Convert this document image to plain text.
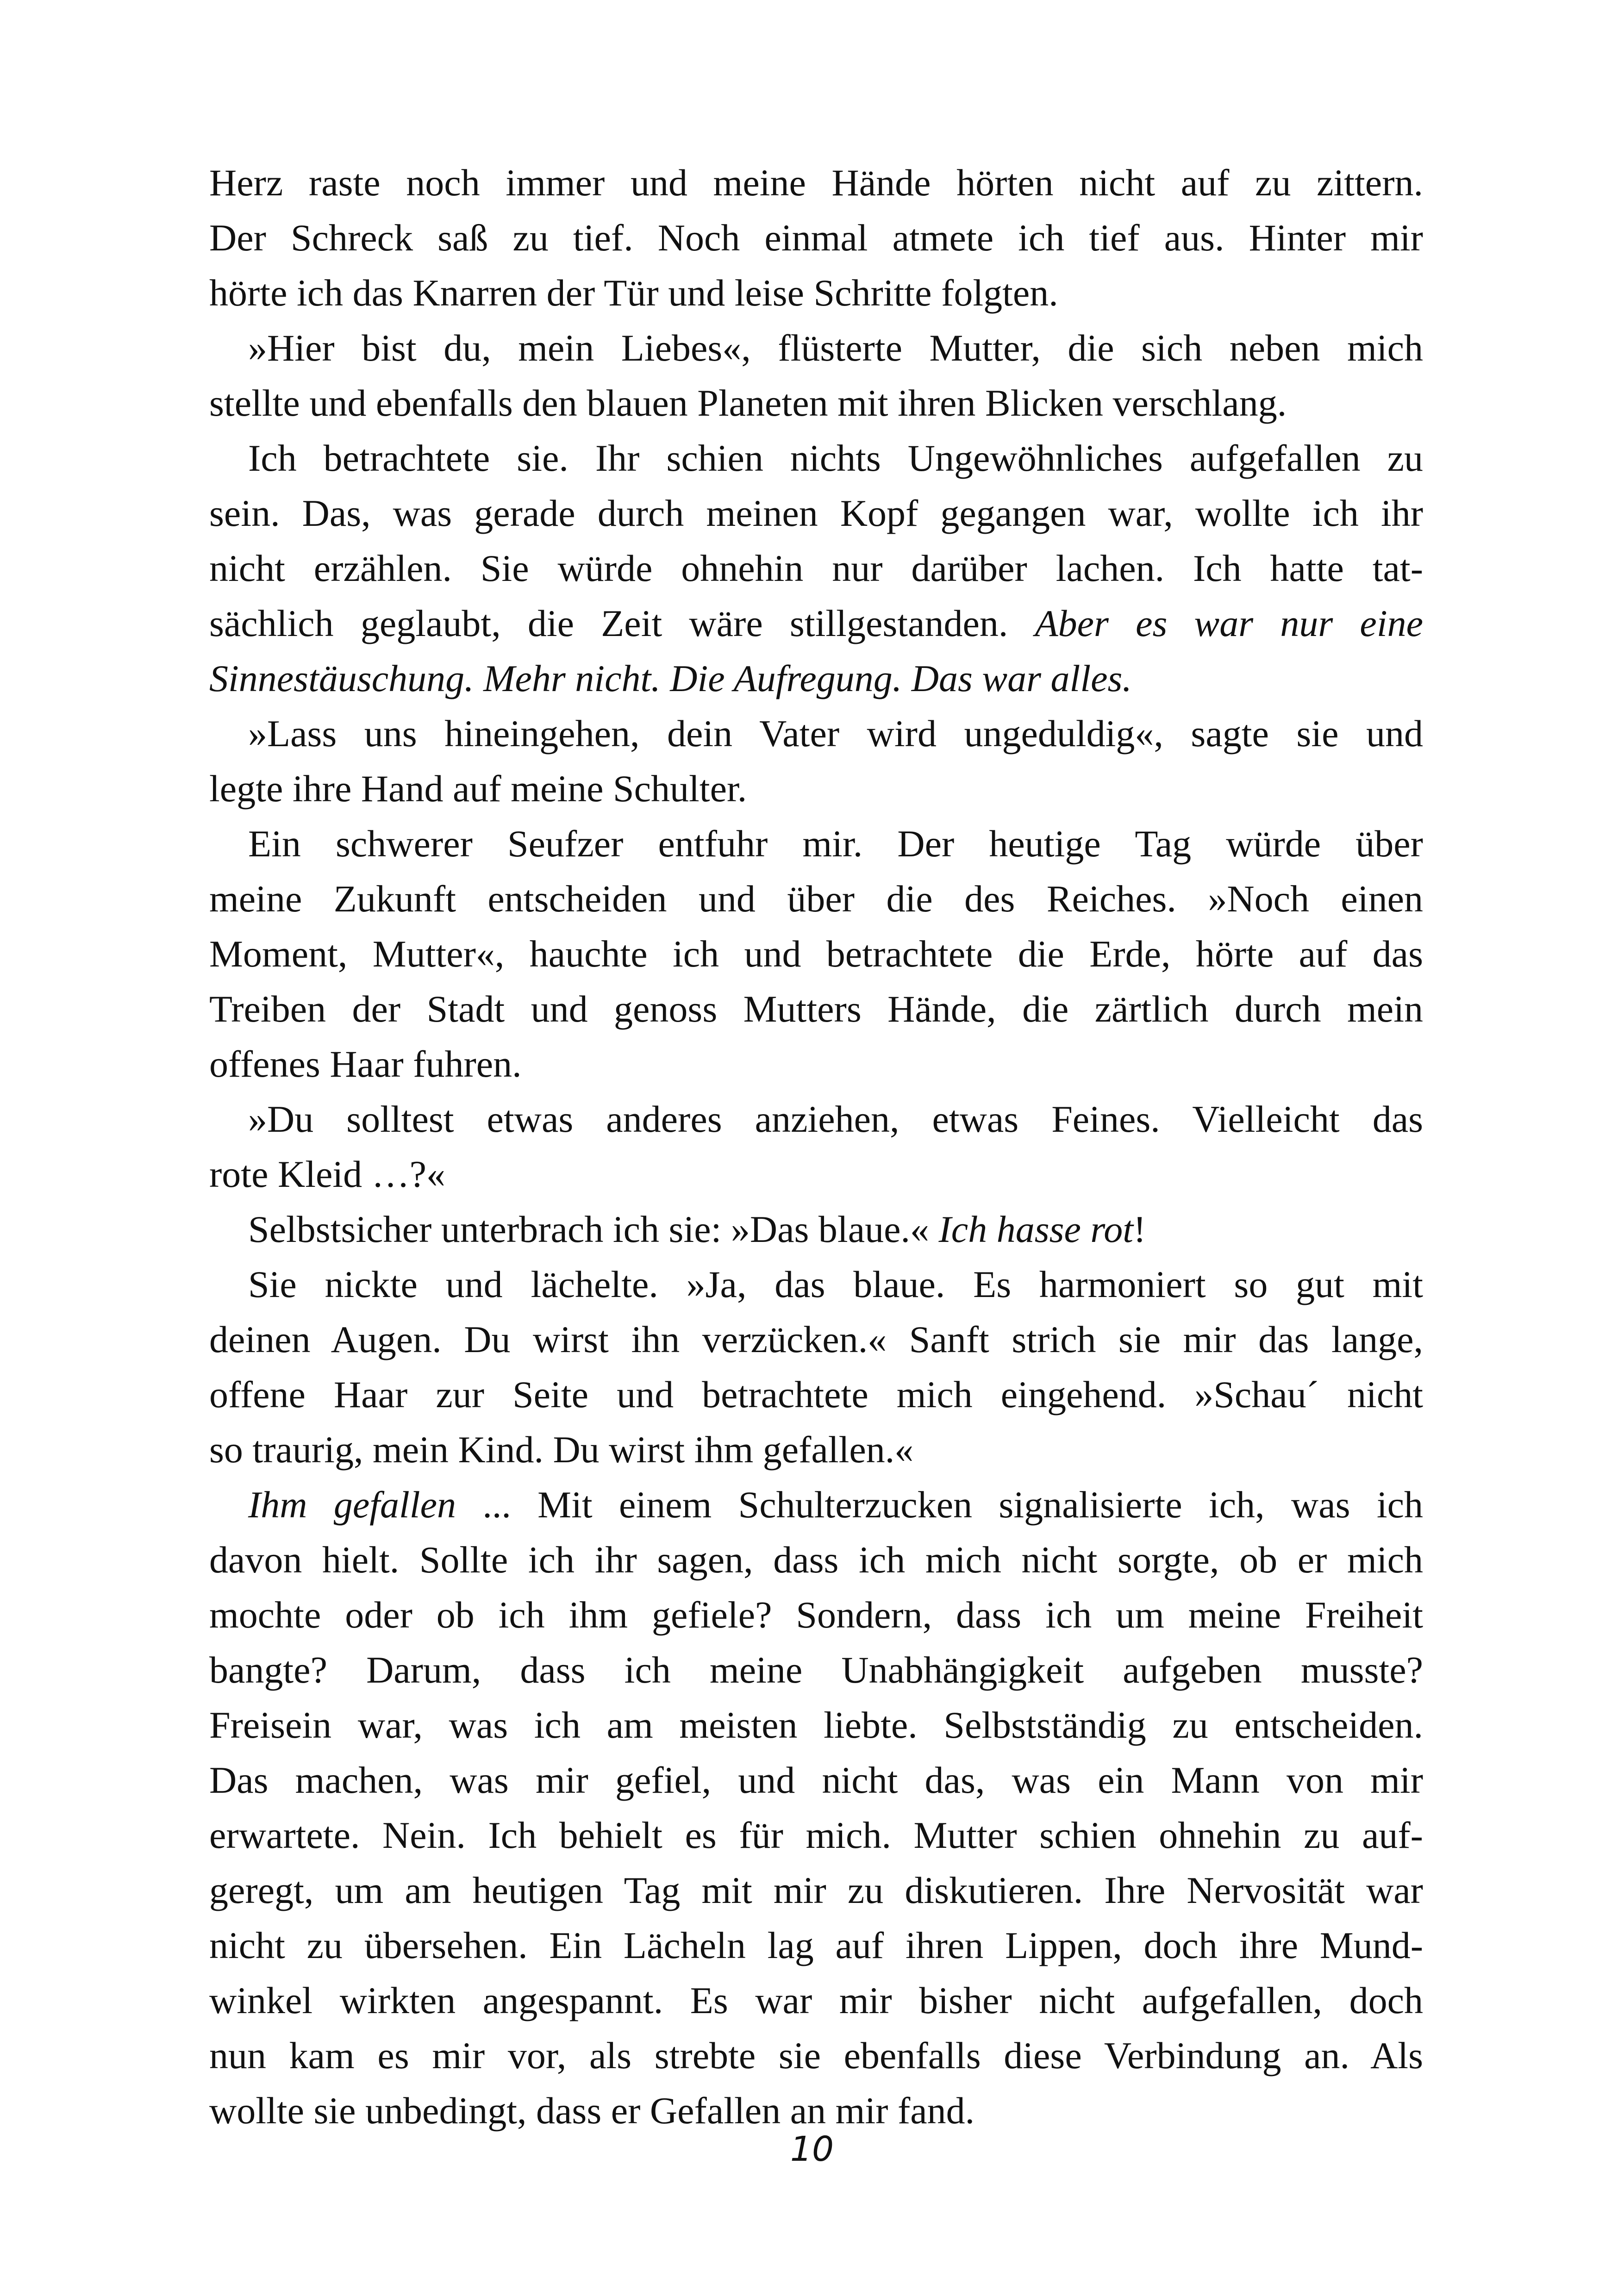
Herz raste noch immer und meine Hände hörten nicht auf zu zittern.
Der Schreck saß zu tief. Noch einmal atmete ich tief aus. Hinter mir
hörte ich das Knarren der Tür und leise Schritte folgten.
»Hier bist du, mein Liebes«, flüsterte Mutter, die sich neben mich
stellte und ebenfalls den blauen Planeten mit ihren Blicken verschlang.
Ich betrachtete sie. Ihr schien nichts Ungewöhnliches aufgefallen zu
sein. Das, was gerade durch meinen Kopf gegangen war, wollte ich ihr
nicht erzählen. Sie würde ohnehin nur darüber lachen. Ich hatte tat-
sächlich geglaubt, die Zeit wäre stillgestanden. Aber es war nur eine
Sinnestäuschung. Mehr nicht. Die Aufregung. Das war alles.
»Lass uns hineingehen, dein Vater wird ungeduldig«, sagte sie und
legte ihre Hand auf meine Schulter.
Ein schwerer Seufzer entfuhr mir. Der heutige Tag würde über
meine Zukunft entscheiden und über die des Reiches. »Noch einen
Moment, Mutter«, hauchte ich und betrachtete die Erde, hörte auf das
Treiben der Stadt und genoss Mutters Hände, die zärtlich durch mein
offenes Haar fuhren.
»Du solltest etwas anderes anziehen, etwas Feines. Vielleicht das
rote Kleid …?«
Selbstsicher unterbrach ich sie: »Das blaue.« Ich hasse rot!
Sie nickte und lächelte. »Ja, das blaue. Es harmoniert so gut mit
deinen Augen. Du wirst ihn verzücken.« Sanft strich sie mir das lange,
offene Haar zur Seite und betrachtete mich eingehend. »Schau´ nicht
so traurig, mein Kind. Du wirst ihm gefallen.«
Ihm gefallen ... Mit einem Schulterzucken signalisierte ich, was ich
davon hielt. Sollte ich ihr sagen, dass ich mich nicht sorgte, ob er mich
mochte oder ob ich ihm gefiele? Sondern, dass ich um meine Freiheit
bangte? Darum, dass ich meine Unabhängigkeit aufgeben musste?
Freisein war, was ich am meisten liebte. Selbstständig zu entscheiden.
Das machen, was mir gefiel, und nicht das, was ein Mann von mir
erwartete. Nein. Ich behielt es für mich. Mutter schien ohnehin zu auf-
geregt, um am heutigen Tag mit mir zu diskutieren. Ihre Nervosität war
nicht zu übersehen. Ein Lächeln lag auf ihren Lippen, doch ihre Mund-
winkel wirkten angespannt. Es war mir bisher nicht aufgefallen, doch
nun kam es mir vor, als strebte sie ebenfalls diese Verbindung an. Als
wollte sie unbedingt, dass er Gefallen an mir fand.
10
